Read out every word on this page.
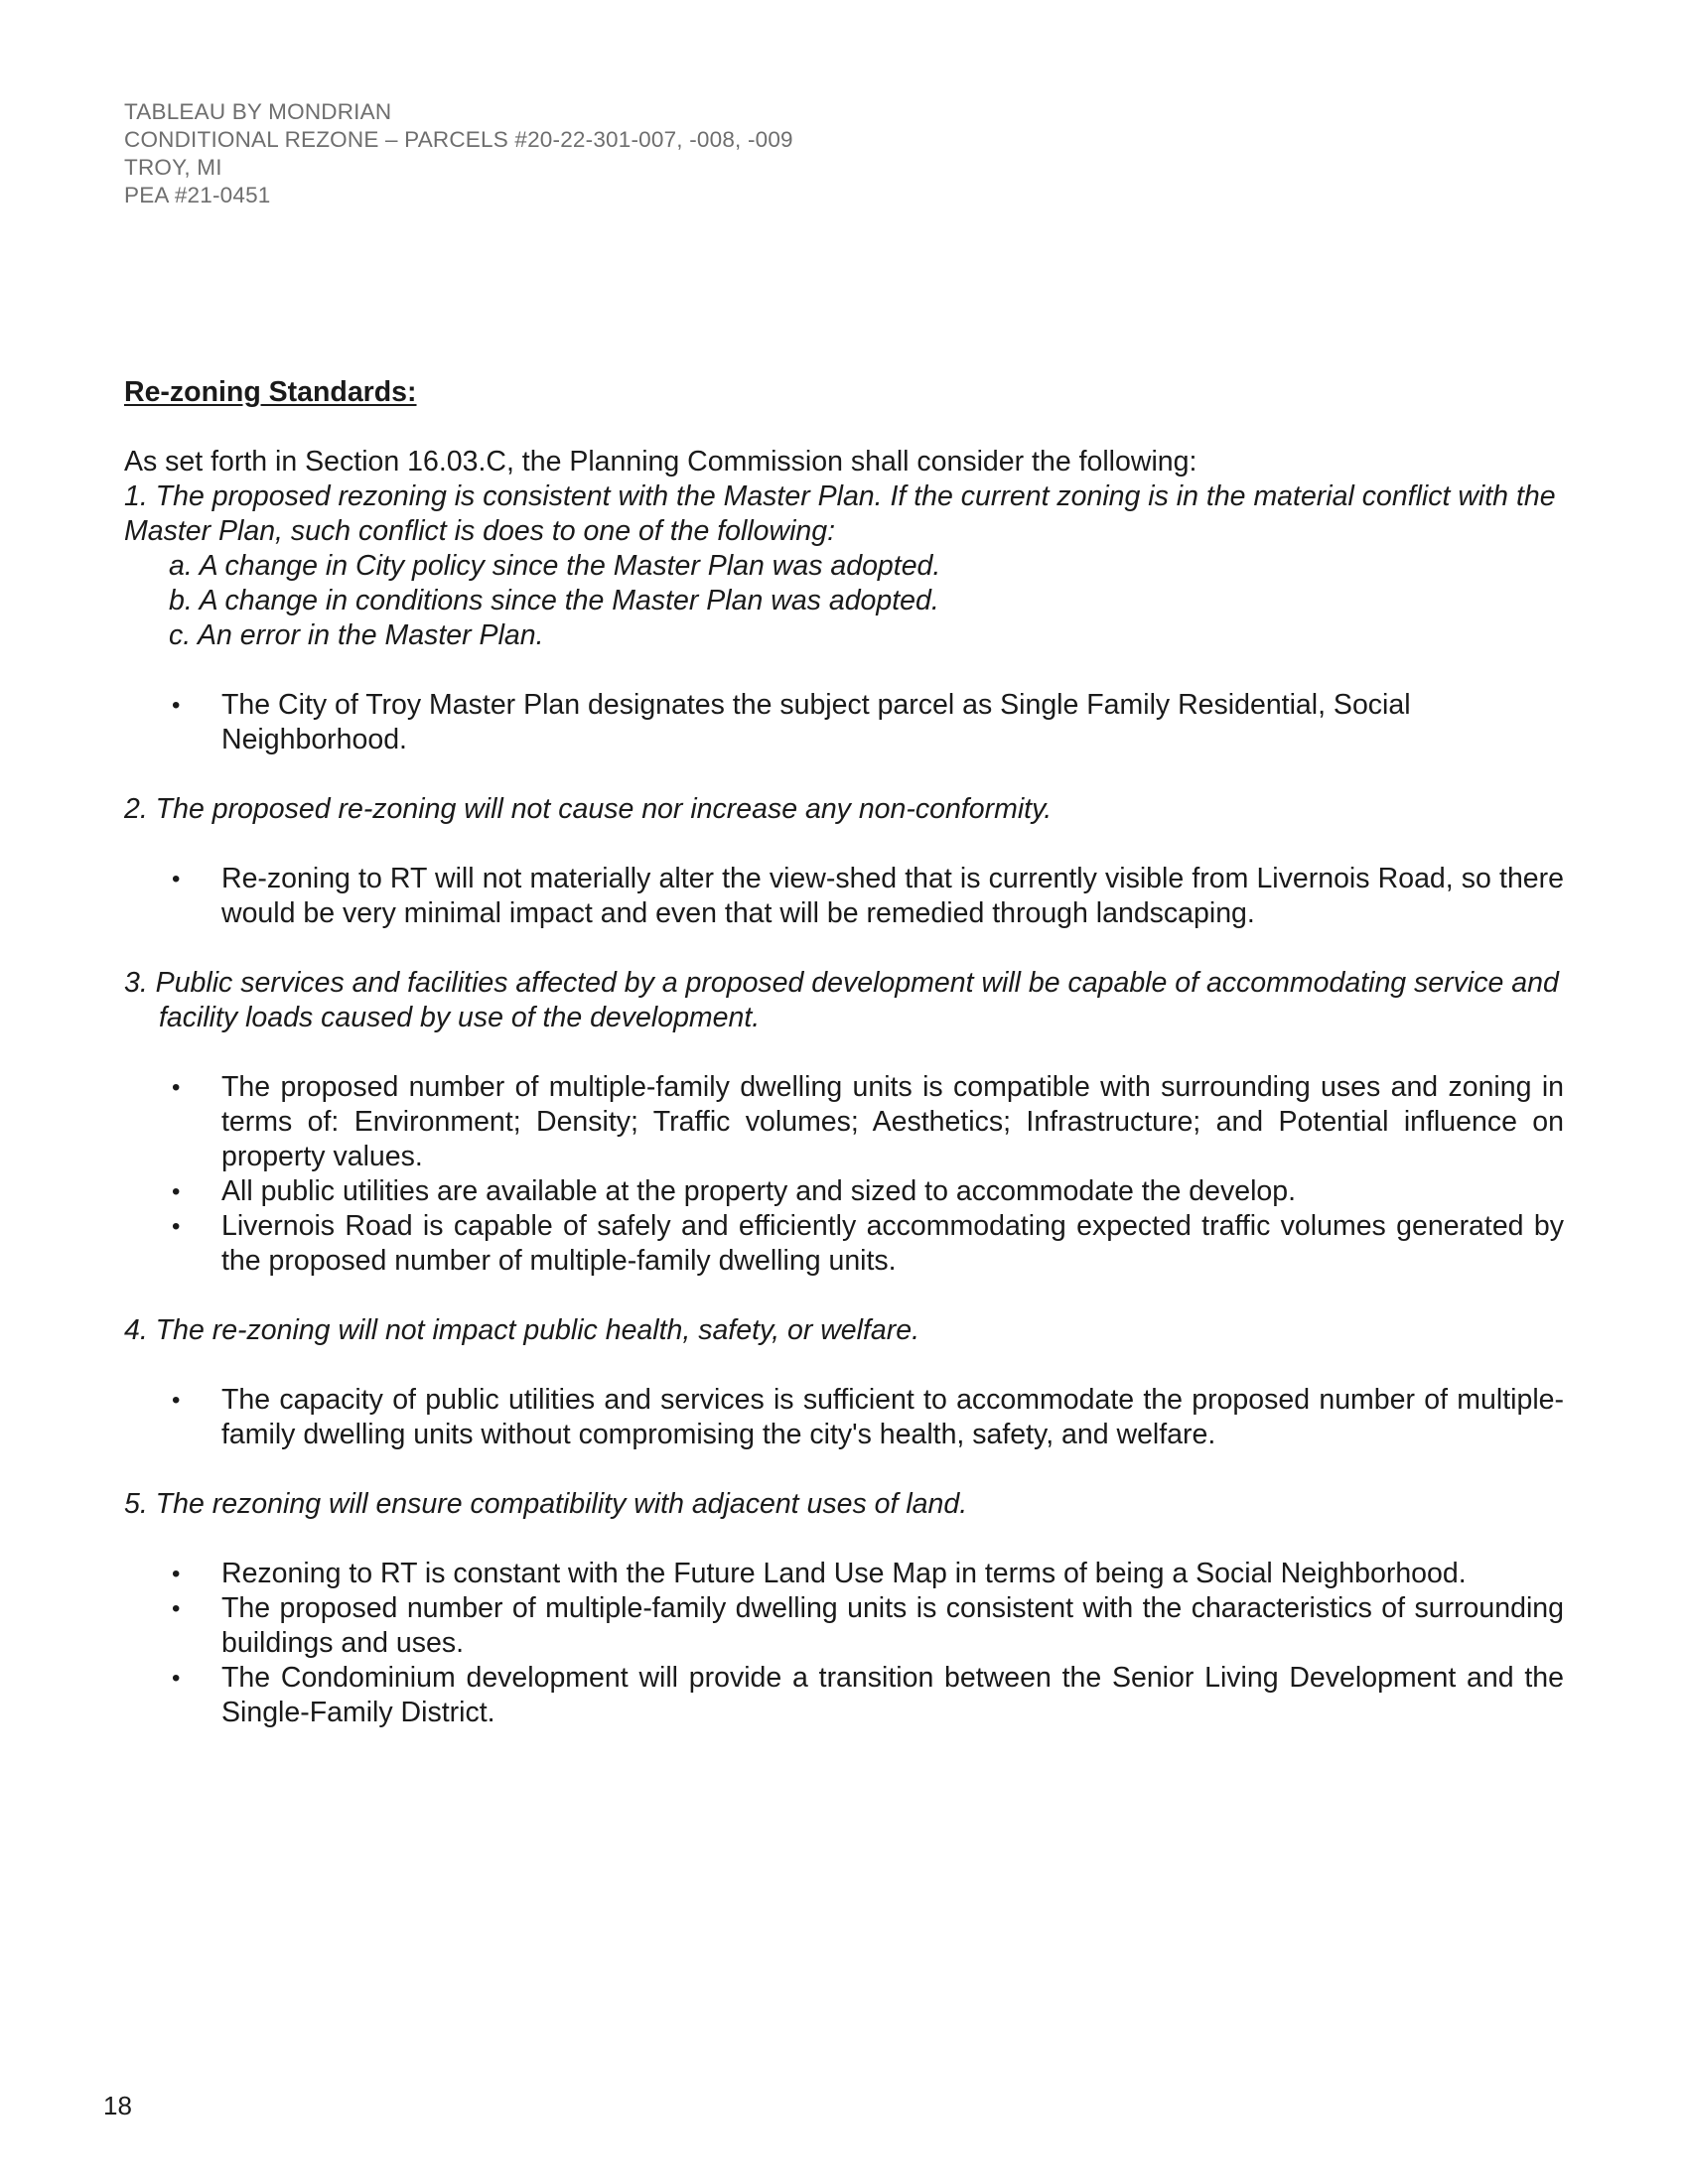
TABLEAU BY MONDRIAN
CONDITIONAL REZONE – PARCELS #20-22-301-007, -008, -009
TROY, MI
PEA #21-0451

Re-zoning Standards:

As set forth in Section 16.03.C, the Planning Commission shall consider the following:

1. The proposed rezoning is consistent with the Master Plan. If the current zoning is in the material conflict with the Master Plan, such conflict is does to one of the following:

a. A change in City policy since the Master Plan was adopted.
b. A change in conditions since the Master Plan was adopted.
c. An error in the Master Plan.
• The City of Troy Master Plan designates the subject parcel as Single Family Residential, Social Neighborhood.

2. The proposed re-zoning will not cause nor increase any non-conformity.

• Re-zoning to RT will not materially alter the view-shed that is currently visible from Livernois Road, so there would be very minimal impact and even that will be remedied through landscaping.

3. Public services and facilities affected by a proposed development will be capable of accommodating service and facility loads caused by use of the development.

• The proposed number of multiple-family dwelling units is compatible with surrounding uses and zoning in terms of: Environment; Density; Traffic volumes; Aesthetics; Infrastructure; and Potential influence on property values.
• All public utilities are available at the property and sized to accommodate the develop.
• Livernois Road is capable of safely and efficiently accommodating expected traffic volumes generated by the proposed number of multiple-family dwelling units.

4. The re-zoning will not impact public health, safety, or welfare.

• The capacity of public utilities and services is sufficient to accommodate the proposed number of multiple-family dwelling units without compromising the city's health, safety, and welfare.

5. The rezoning will ensure compatibility with adjacent uses of land.

• Rezoning to RT is constant with the Future Land Use Map in terms of being a Social Neighborhood.
• The proposed number of multiple-family dwelling units is consistent with the characteristics of surrounding buildings and uses.
• The Condominium development will provide a transition between the Senior Living Development and the Single-Family District.
18
